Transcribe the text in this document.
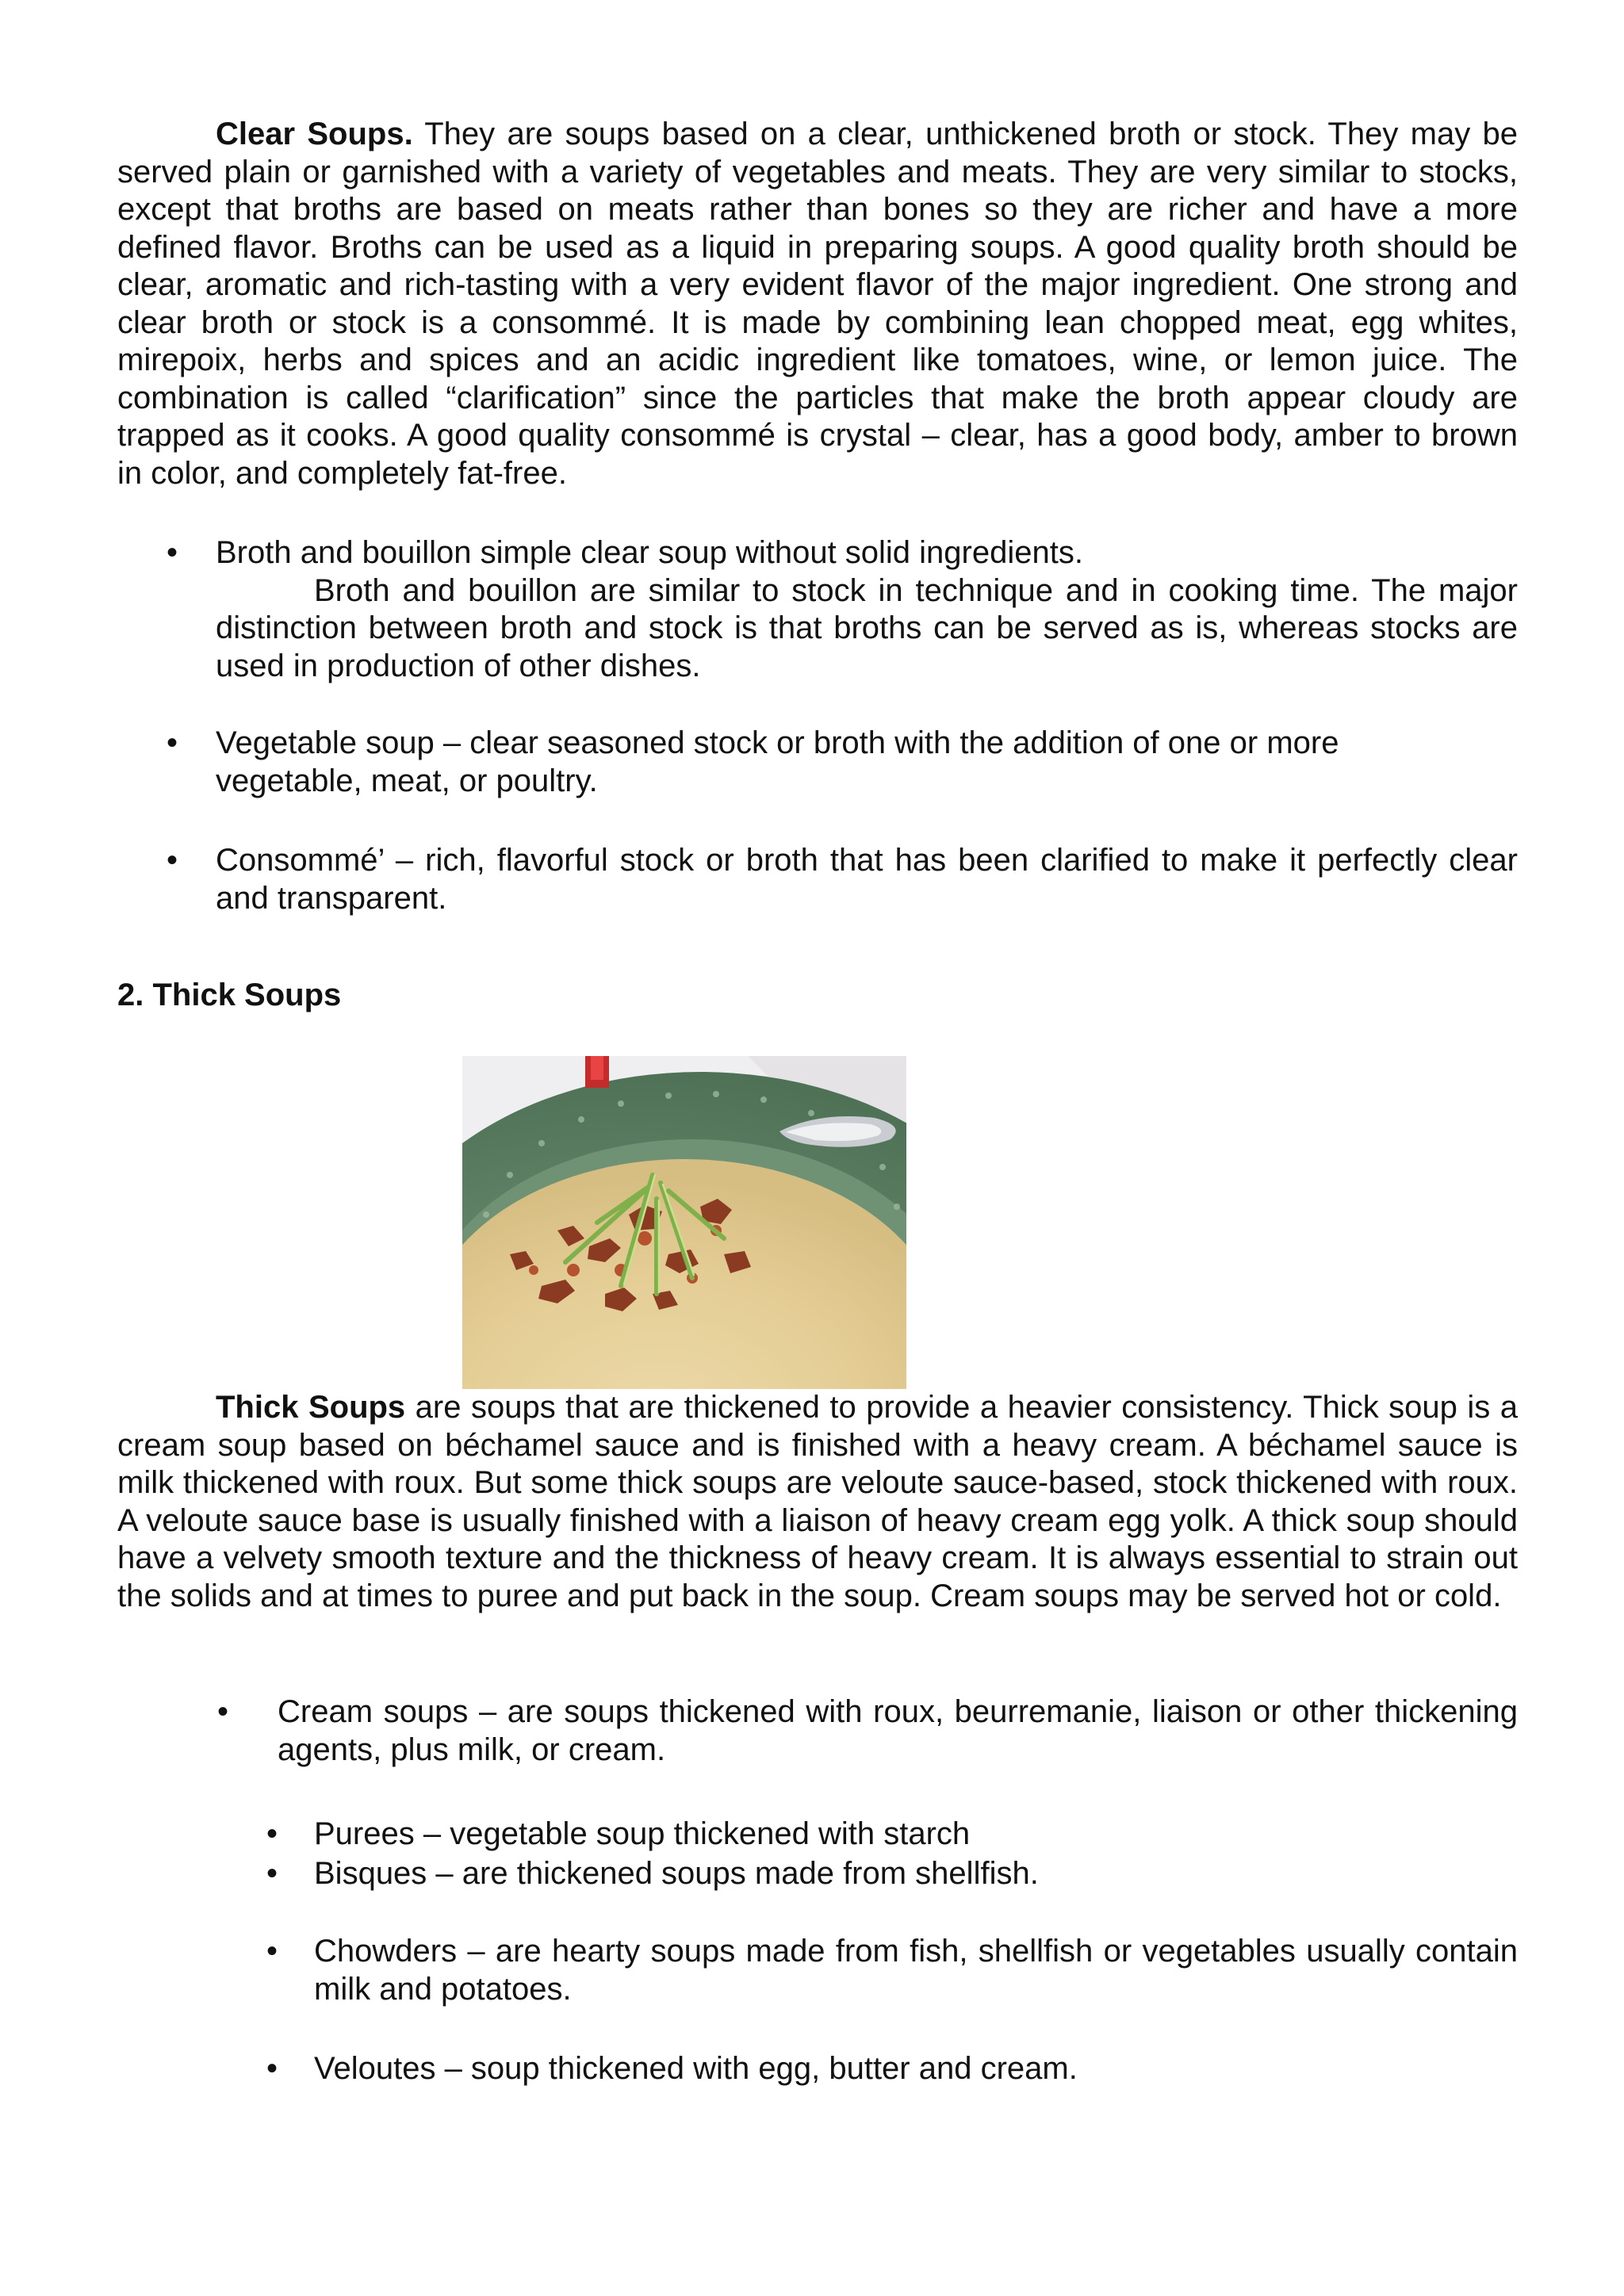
Clear Soups. They are soups based on a clear, unthickened broth or stock. They may be served plain or garnished with a variety of vegetables and meats. They are very similar to stocks, except that broths are based on meats rather than bones so they are richer and have a more defined flavor. Broths can be used as a liquid in preparing soups. A good quality broth should be clear, aromatic and rich-tasting with a very evident flavor of the major ingredient. One strong and clear broth or stock is a consommé. It is made by combining lean chopped meat, egg whites, mirepoix, herbs and spices and an acidic ingredient like tomatoes, wine, or lemon juice. The combination is called “clarification” since the particles that make the broth appear cloudy are trapped as it cooks. A good quality consommé is crystal – clear, has a good body, amber to brown in color, and completely fat-free.

• Broth and bouillon simple clear soup without solid ingredients.
Broth and bouillon are similar to stock in technique and in cooking time. The major distinction between broth and stock is that broths can be served as is, whereas stocks are used in production of other dishes.
• Vegetable soup – clear seasoned stock or broth with the addition of one or more vegetable, meat, or poultry.

• Consommé’ – rich, flavorful stock or broth that has been clarified to make it perfectly clear and transparent.

2. Thick Soups

Thick Soups are soups that are thickened to provide a heavier consistency. Thick soup is a cream soup based on béchamel sauce and is finished with a heavy cream. A béchamel sauce is milk thickened with roux. But some thick soups are veloute sauce-based, stock thickened with roux. A veloute sauce base is usually finished with a liaison of heavy cream egg yolk. A thick soup should have a velvety smooth texture and the thickness of heavy cream. It is always essential to strain out the solids and at times to puree and put back in the soup. Cream soups may be served hot or cold.

• Cream soups – are soups thickened with roux, beurremanie, liaison or other thickening agents, plus milk, or cream.

• Purees – vegetable soup thickened with starch

• Bisques – are thickened soups made from shellfish.

• Chowders – are hearty soups made from fish, shellfish or vegetables usually contain milk and potatoes.

• Veloutes – soup thickened with egg, butter and cream.
